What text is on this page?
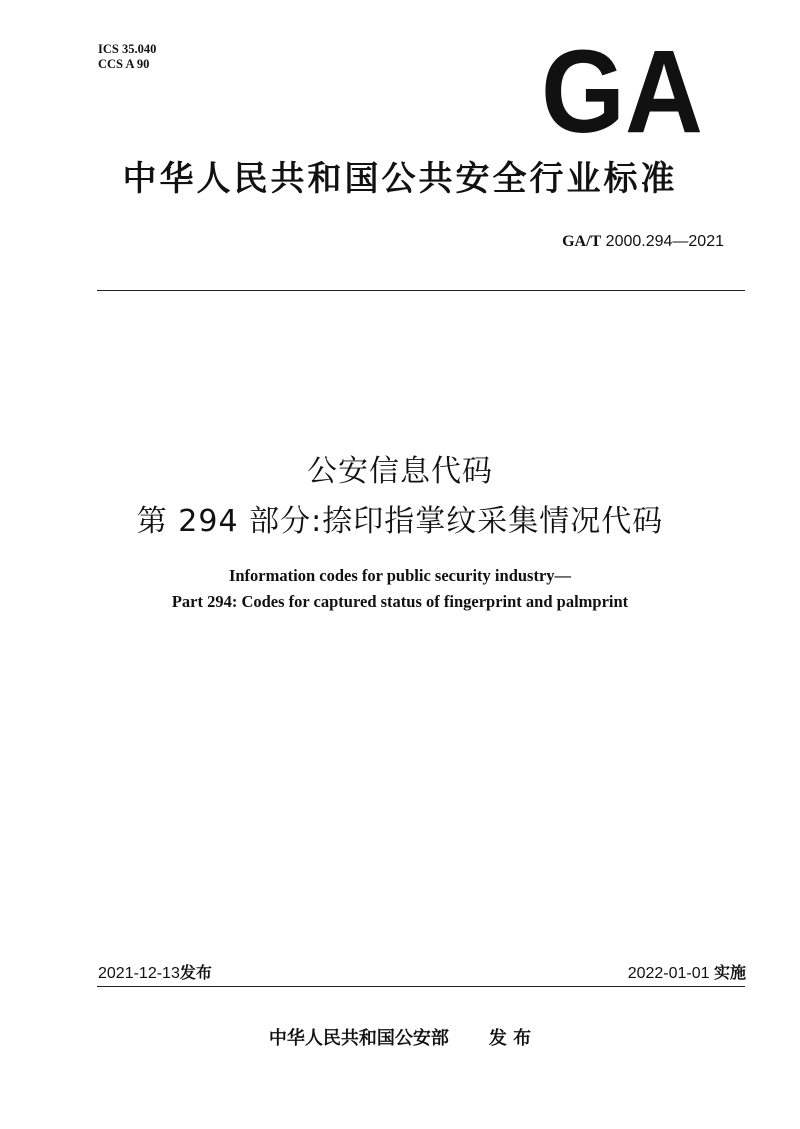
ICS 35.040
CCS A 90	GA
中华人民共和国公共安全行业标准
GA/T 2000.294—2021
公安信息代码
第 294 部分:捺印指掌纹采集情况代码
Information codes for public security industry—
Part 294: Codes for captured status of fingerprint and palmprint
2021-12-13发布	2022-01-01 实施
中华人民共和国公安部 发 布
